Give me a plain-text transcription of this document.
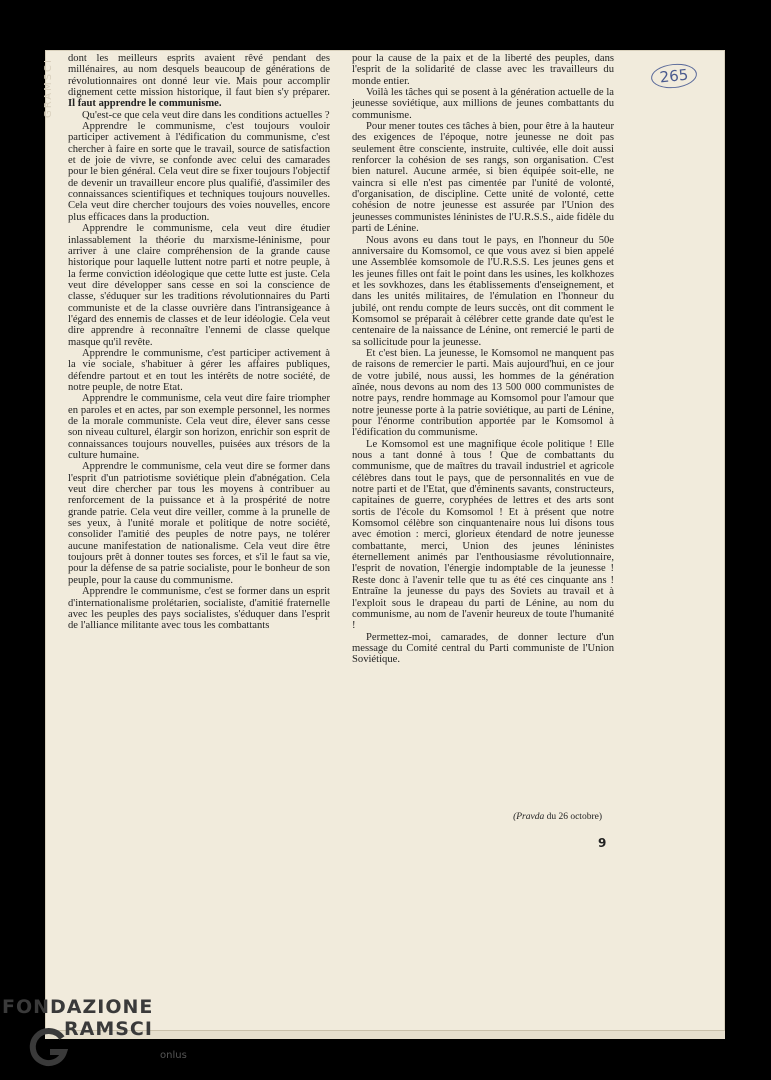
GRAMSCI	265

dont les meilleurs esprits avaient rêvé pendant des millénaires, au nom desquels beaucoup de générations de révolutionnaires ont donné leur vie. Mais pour accomplir dignement cette mission historique, il faut bien s'y préparer. Il faut apprendre le communisme.

Qu'est-ce que cela veut dire dans les conditions actuelles ?

Apprendre le communisme, c'est toujours vouloir participer activement à l'édification du communisme, c'est chercher à faire en sorte que le travail, source de satisfaction et de joie de vivre, se confonde avec celui des camarades pour le bien général. Cela veut dire se fixer toujours l'objectif de devenir un travailleur encore plus qualifié, d'assimiler des connaissances scientifiques et techniques toujours nouvelles. Cela veut dire chercher toujours des voies nouvelles, encore plus efficaces dans la production.

Apprendre le communisme, cela veut dire étudier inlassablement la théorie du marxisme-léninisme, pour arriver à une claire compréhension de la grande cause historique pour laquelle luttent notre parti et notre peuple, à la ferme conviction idéologique que cette lutte est juste. Cela veut dire développer sans cesse en soi la conscience de classe, s'éduquer sur les traditions révolutionnaires du Parti communiste et de la classe ouvrière dans l'intransigeance à l'égard des ennemis de classes et de leur idéologie. Cela veut dire apprendre à reconnaître l'ennemi de classe quelque masque qu'il revête.

Apprendre le communisme, c'est participer activement à la vie sociale, s'habituer à gérer les affaires publiques, défendre partout et en tout les intérêts de notre société, de notre peuple, de notre Etat.

Apprendre le communisme, cela veut dire faire triompher en paroles et en actes, par son exemple personnel, les normes de la morale communiste. Cela veut dire, élever sans cesse son niveau culturel, élargir son horizon, enrichir son esprit de connaissances toujours nouvelles, puisées aux trésors de la culture humaine.

Apprendre le communisme, cela veut dire se former dans l'esprit d'un patriotisme soviétique plein d'abnégation. Cela veut dire chercher par tous les moyens à contribuer au renforcement de la puissance et à la prospérité de notre grande patrie. Cela veut dire veiller, comme à la prunelle de ses yeux, à l'unité morale et politique de notre société, consolider l'amitié des peuples de notre pays, ne tolérer aucune manifestation de nationalisme. Cela veut dire être toujours prêt à donner toutes ses forces, et s'il le faut sa vie, pour la défense de sa patrie socialiste, pour le bonheur de son peuple, pour la cause du communisme.

Apprendre le communisme, c'est se former dans un esprit d'internationalisme prolétarien, socialiste, d'amitié fraternelle avec les peuples des pays socialistes, s'éduquer dans l'esprit de l'alliance militante avec tous les combattants

pour la cause de la paix et de la liberté des peuples, dans l'esprit de la solidarité de classe avec les travailleurs du monde entier.

Voilà les tâches qui se posent à la génération actuelle de la jeunesse soviétique, aux millions de jeunes combattants du communisme.

Pour mener toutes ces tâches à bien, pour être à la hauteur des exigences de l'époque, notre jeunesse ne doit pas seulement être consciente, instruite, cultivée, elle doit aussi renforcer la cohésion de ses rangs, son organisation. C'est bien naturel. Aucune armée, si bien équipée soit-elle, ne vaincra si elle n'est pas cimentée par l'unité de volonté, d'organisation, de discipline. Cette unité de volonté, cette cohésion de notre jeunesse est assurée par l'Union des jeunesses communistes léninistes de l'U.R.S.S., aide fidèle du parti de Lénine.

Nous avons eu dans tout le pays, en l'honneur du 50e anniversaire du Komsomol, ce que vous avez si bien appelé une Assemblée komsomole de l'U.R.S.S. Les jeunes gens et les jeunes filles ont fait le point dans les usines, les kolkhozes et les sovkhozes, dans les établissements d'enseignement, et dans les unités militaires, de l'émulation en l'honneur du jubilé, ont rendu compte de leurs succès, ont dit comment le Komsomol se préparait à célébrer cette grande date qu'est le centenaire de la naissance de Lénine, ont remercié le parti de sa sollicitude pour la jeunesse.

Et c'est bien. La jeunesse, le Komsomol ne manquent pas de raisons de remercier le parti. Mais aujourd'hui, en ce jour de votre jubilé, nous aussi, les hommes de la génération aînée, nous devons au nom des 13 500 000 communistes de notre pays, rendre hommage au Komsomol pour l'amour que notre jeunesse porte à la patrie soviétique, au parti de Lénine, pour l'énorme contribution apportée par le Komsomol à l'édification du communisme.

Le Komsomol est une magnifique école politique ! Elle nous a tant donné à tous ! Que de combattants du communisme, que de maîtres du travail industriel et agricole célèbres dans tout le pays, que de personnalités en vue de notre parti et de l'Etat, que d'éminents savants, constructeurs, capitaines de guerre, coryphées de lettres et des arts sont sortis de l'école du Komsomol ! Et à présent que notre Komsomol célèbre son cinquantenaire nous lui disons tous avec émotion : merci, glorieux étendard de notre jeunesse combattante, merci, Union des jeunes léninistes éternellement animés par l'enthousiasme révolutionnaire, l'esprit de novation, l'énergie indomptable de la jeunesse ! Reste donc à l'avenir telle que tu as été ces cinquante ans ! Entraîne la jeunesse du pays des Soviets au travail et à l'exploit sous le drapeau du parti de Lénine, au nom du communisme, au nom de l'avenir heureux de toute l'humanité !

Permettez-moi, camarades, de donner lecture d'un message du Comité central du Parti communiste de l'Union Soviétique.

(Pravda du 26 octobre)
9
FONDAZIONE
RAMSCI
onlus
